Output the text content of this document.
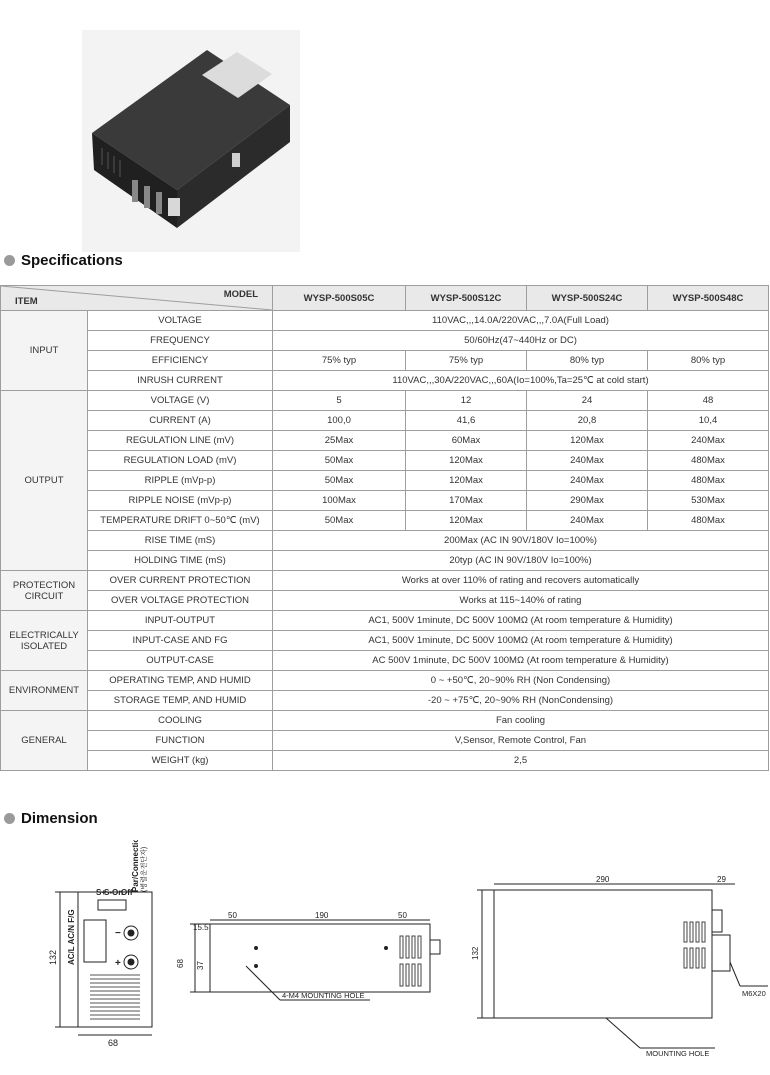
Specifications
MODEL
ITEM		WYSP-500S05C	WYSP-500S12C	WYSP-500S24C	WYSP-500S48C
INPUT	VOLTAGE	110VAC,,,14.0A/220VAC,,,7.0A(Full Load)			
	FREQUENCY	50/60Hz(47~440Hz or DC)			
	EFFICIENCY	75% typ	75% typ	80% typ	80% typ
	INRUSH CURRENT	110VAC,,,30A/220VAC,,,60A(Io=100%,Ta=25℃ at cold start)			
OUTPUT	VOLTAGE (V)	5	12	24	48
	CURRENT (A)	100,0	41,6	20,8	10,4
	REGULATION LINE (mV)	25Max	60Max	120Max	240Max
	REGULATION LOAD (mV)	50Max	120Max	240Max	480Max
	RIPPLE (mVp-p)	50Max	120Max	240Max	480Max
	RIPPLE NOISE (mVp-p)	100Max	170Max	290Max	530Max
	TEMPERATURE DRIFT 0~50℃ (mV)	50Max	120Max	240Max	480Max
	RISE TIME (mS)	200Max (AC IN 90V/180V Io=100%)			
	HOLDING TIME (mS)	20typ (AC IN 90V/180V Io=100%)			
PROTECTION
CIRCUIT	OVER CURRENT PROTECTION	Works at over 110% of rating and recovers automatically			
	OVER VOLTAGE PROTECTION	Works at 115~140% of rating			
ELECTRICALLY
ISOLATED	INPUT-OUTPUT	AC1, 500V 1minute, DC 500V 100MΩ (At room temperature & Humidity)			
	INPUT-CASE AND FG	AC1, 500V 1minute, DC 500V 100MΩ (At room temperature & Humidity)			
	OUTPUT-CASE	AC 500V 1minute, DC 500V 100MΩ (At room temperature & Humidity)			
ENVIRONMENT	OPERATING TEMP, AND HUMID	0 ~ +50℃, 20~90% RH (Non Condensing)			
	STORAGE TEMP, AND HUMID	-20 ~ +75℃, 20~90% RH (NonCondensing)			
GENERAL	COOLING	Fan cooling			
	FUNCTION	V,Sensor, Remote Control, Fan			
	WEIGHT (kg)	2,5			
Dimension
S+
S- On
Off
Par/Connection (병렬운전단자)
AC/L AC/N F/G	−
+
132
68
50	190	50
15.5
68 37
4-M4 MOUNTING HOLE
290	29
132
M6X20
MOUNTING HOLE
